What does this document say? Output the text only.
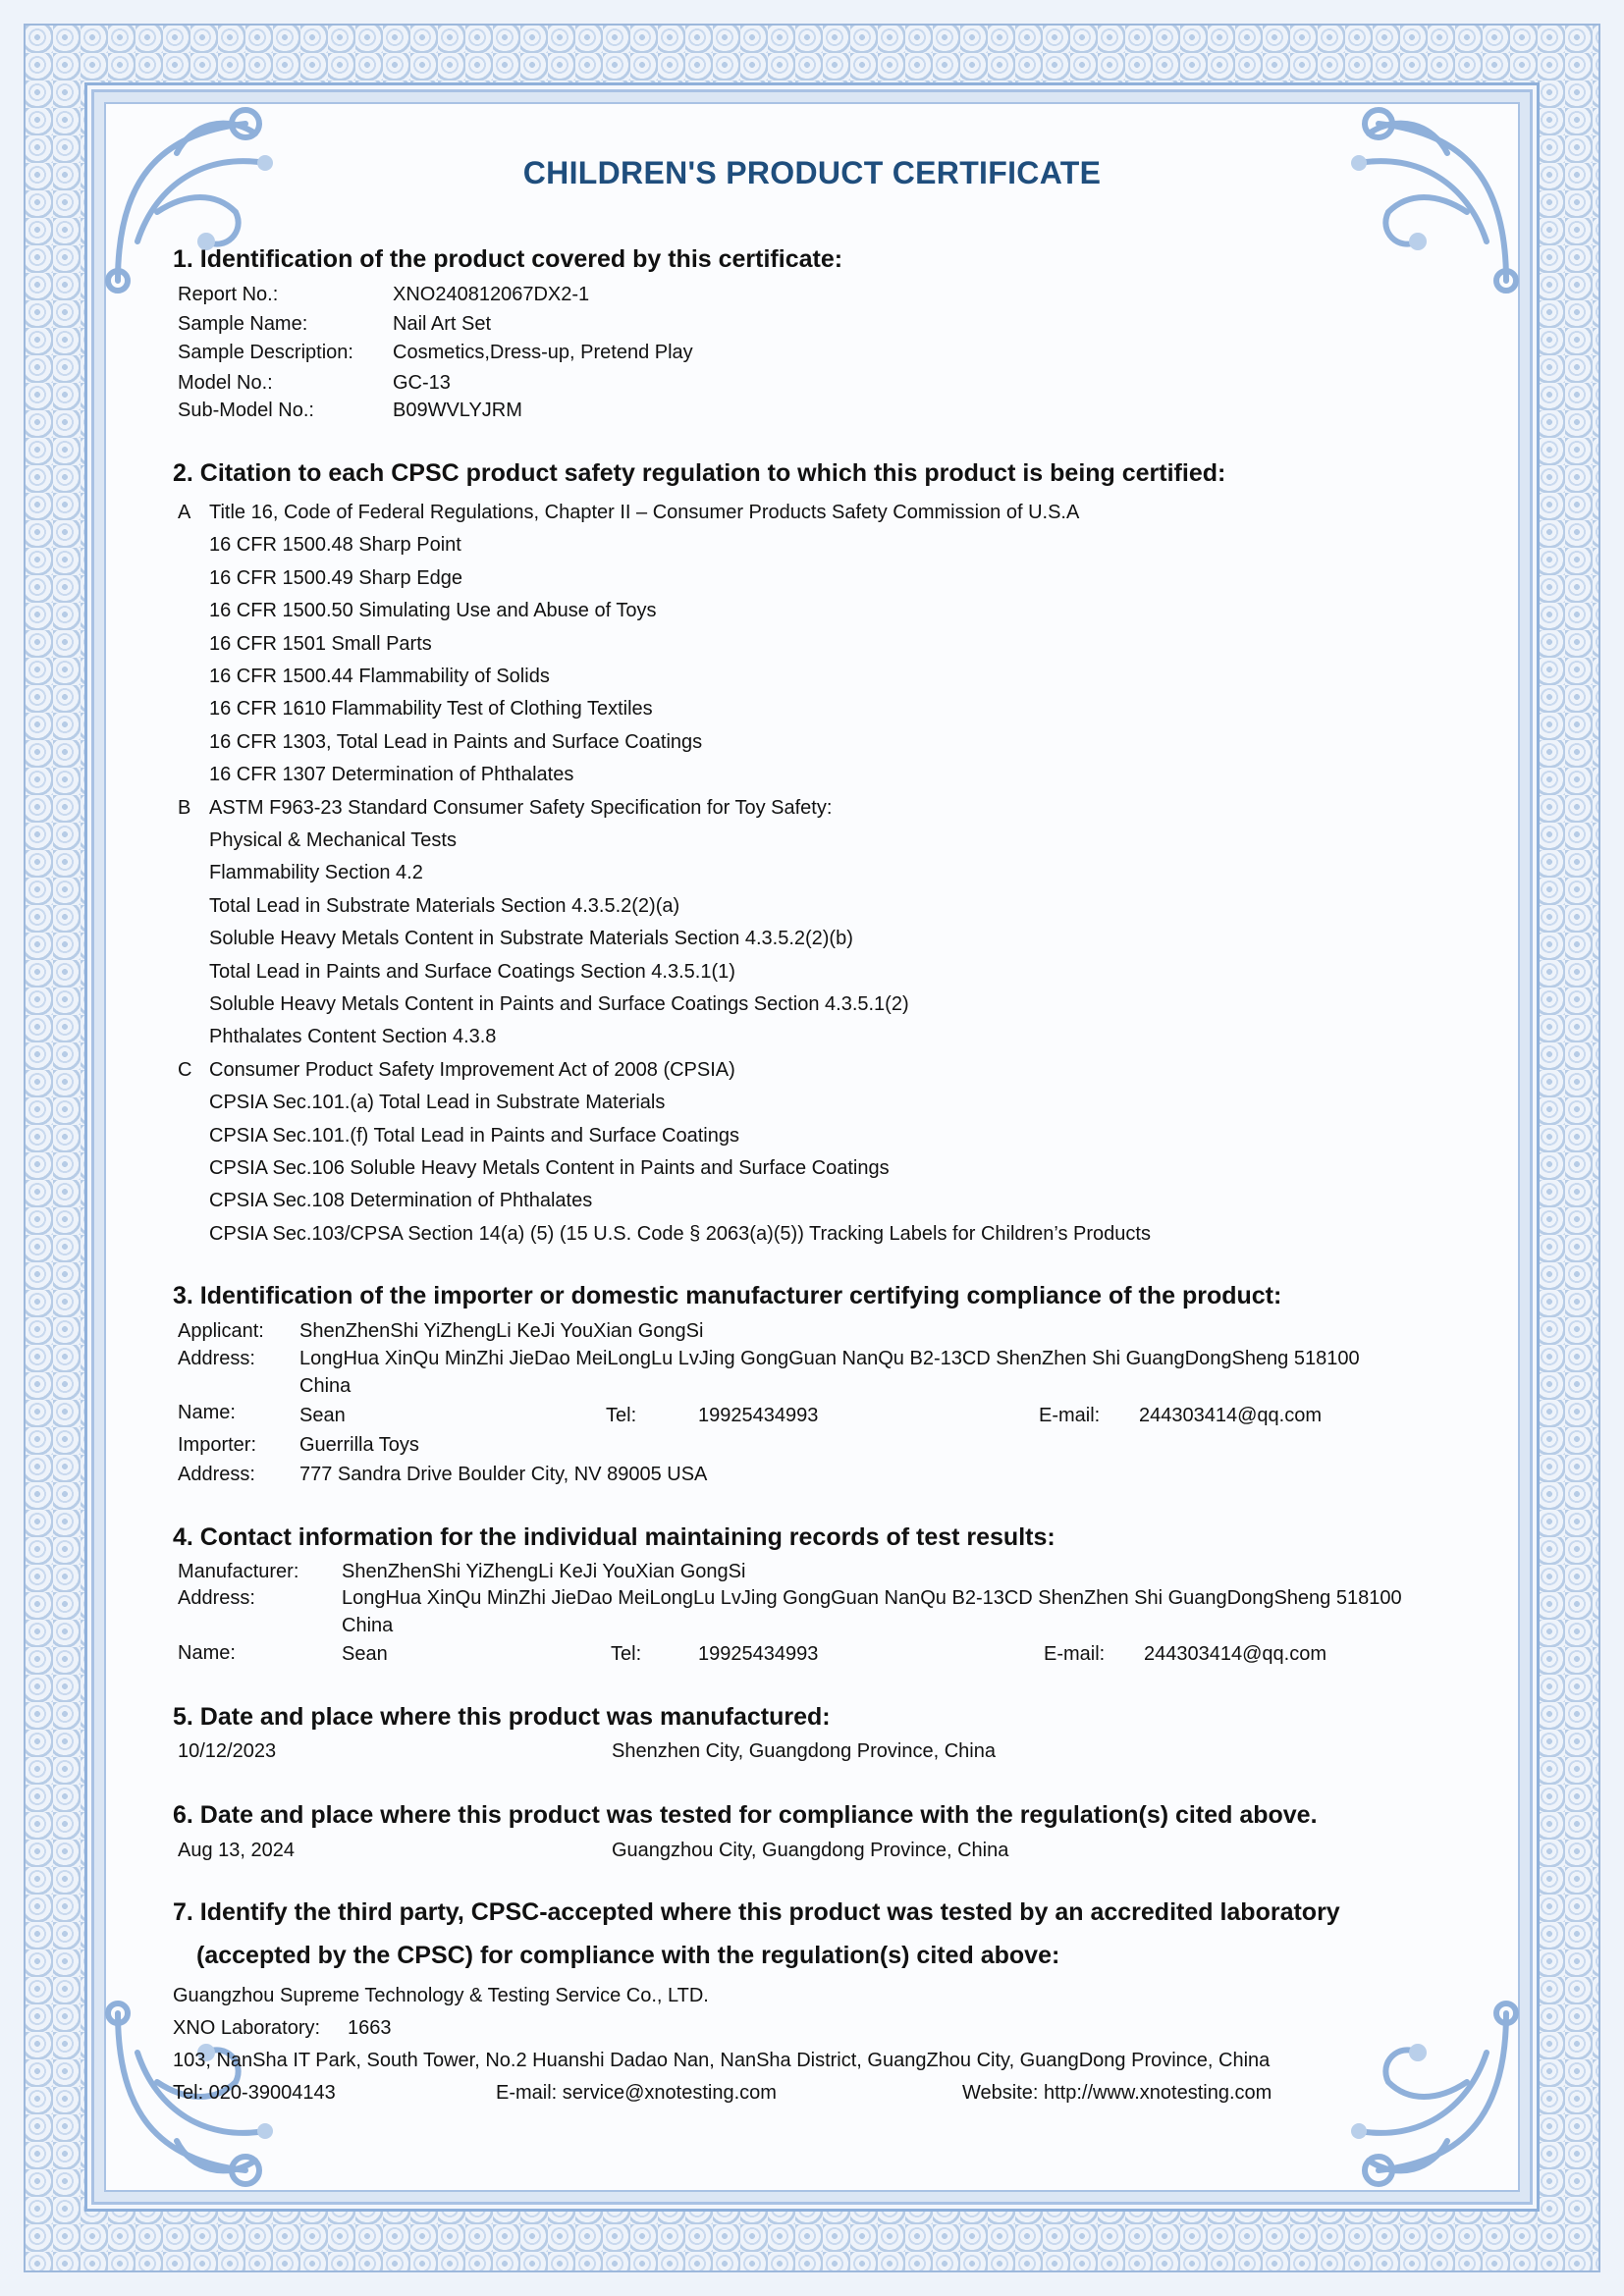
CHILDREN'S PRODUCT CERTIFICATE
1. Identification of the product covered by this certificate:
Report No.:	XNO240812067DX2-1
Sample Name:	Nail Art Set
Sample Description: Cosmetics,Dress-up, Pretend Play
Model No.:	GC-13
Sub-Model No.:	B09WVLYJRM
2. Citation to each CPSC product safety regulation to which this product is being certified:
A Title 16, Code of Federal Regulations, Chapter II – Consumer Products Safety Commission of U.S.A
16 CFR 1500.48 Sharp Point
16 CFR 1500.49 Sharp Edge
16 CFR 1500.50 Simulating Use and Abuse of Toys
16 CFR 1501 Small Parts
16 CFR 1500.44 Flammability of Solids
16 CFR 1610 Flammability Test of Clothing Textiles
16 CFR 1303, Total Lead in Paints and Surface Coatings
16 CFR 1307 Determination of Phthalates
B ASTM F963-23 Standard Consumer Safety Specification for Toy Safety:
Physical & Mechanical Tests
Flammability Section 4.2
Total Lead in Substrate Materials Section 4.3.5.2(2)(a)
Soluble Heavy Metals Content in Substrate Materials Section 4.3.5.2(2)(b)
Total Lead in Paints and Surface Coatings Section 4.3.5.1(1)
Soluble Heavy Metals Content in Paints and Surface Coatings Section 4.3.5.1(2)
Phthalates Content Section 4.3.8
C Consumer Product Safety Improvement Act of 2008 (CPSIA)
CPSIA Sec.101.(a) Total Lead in Substrate Materials
CPSIA Sec.101.(f) Total Lead in Paints and Surface Coatings
CPSIA Sec.106 Soluble Heavy Metals Content in Paints and Surface Coatings
CPSIA Sec.108 Determination of Phthalates
CPSIA Sec.103/CPSA Section 14(a) (5) (15 U.S. Code § 2063(a)(5)) Tracking Labels for Children’s Products
3. Identification of the importer or domestic manufacturer certifying compliance of the product:
Applicant: ShenZhenShi YiZhengLi KeJi YouXian GongSi
Address: LongHua XinQu MinZhi JieDao MeiLongLu LvJing GongGuan NanQu B2-13CD ShenZhen Shi GuangDongSheng 518100
China
Name:	Sean	Tel:	19925434993	E-mail: 244303414@qq.com
Importer: Guerrilla Toys
Address: 777 Sandra Drive Boulder City, NV 89005 USA
4. Contact information for the individual maintaining records of test results:
Manufacturer: ShenZhenShi YiZhengLi KeJi YouXian GongSi
Address:	LongHua XinQu MinZhi JieDao MeiLongLu LvJing GongGuan NanQu B2-13CD ShenZhen Shi GuangDongSheng 518100
China
Name:	Sean	Tel:	19925434993	E-mail: 244303414@qq.com
5. Date and place where this product was manufactured:
10/12/2023	Shenzhen City, Guangdong Province, China
6. Date and place where this product was tested for compliance with the regulation(s) cited above.
Aug 13, 2024	Guangzhou City, Guangdong Province, China
7. Identify the third party, CPSC-accepted where this product was tested by an accredited laboratory
(accepted by the CPSC) for compliance with the regulation(s) cited above:
Guangzhou Supreme Technology & Testing Service Co., LTD.
XNO Laboratory: 1663
103, NanSha IT Park, South Tower, No.2 Huanshi Dadao Nan, NanSha District, GuangZhou City, GuangDong Province, China
Tel: 020-39004143	E-mail: service@xnotesting.com	Website: http://www.xnotesting.com
